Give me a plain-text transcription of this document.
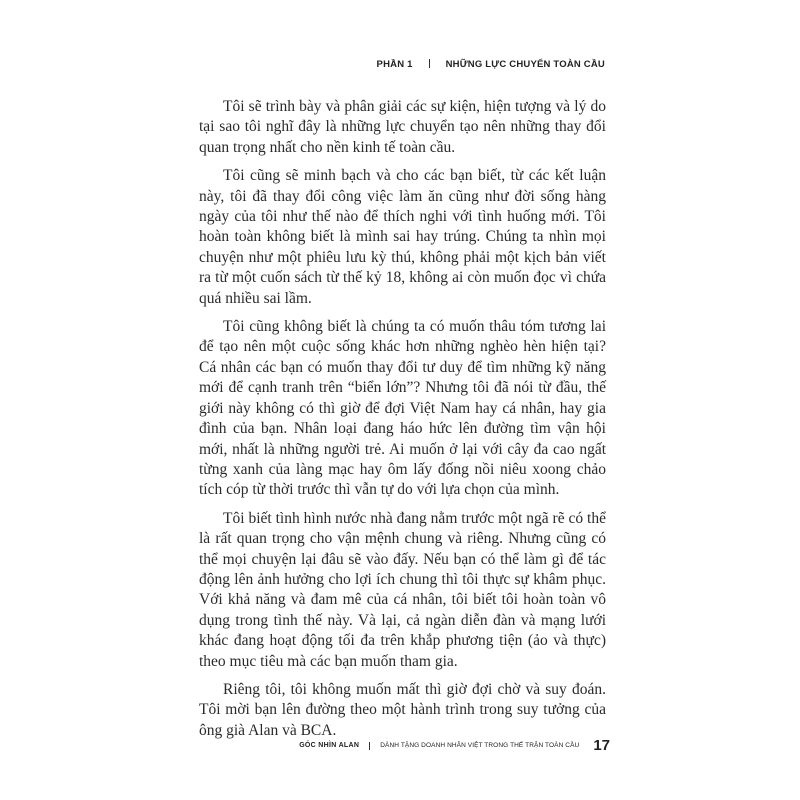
PHẦN 1	NHỮNG LỰC CHUYỂN TOÀN CẦU

Tôi sẽ trình bày và phân giải các sự kiện, hiện tượng và lý do tại sao tôi nghĩ đây là những lực chuyển tạo nên những thay đổi quan trọng nhất cho nền kinh tế toàn cầu.

Tôi cũng sẽ minh bạch và cho các bạn biết, từ các kết luận này, tôi đã thay đổi công việc làm ăn cũng như đời sống hàng ngày của tôi như thế nào để thích nghi với tình huống mới. Tôi hoàn toàn không biết là mình sai hay trúng. Chúng ta nhìn mọi chuyện như một phiêu lưu kỳ thú, không phải một kịch bản viết ra từ một cuốn sách từ thế kỷ 18, không ai còn muốn đọc vì chứa quá nhiều sai lầm.

Tôi cũng không biết là chúng ta có muốn thâu tóm tương lai để tạo nên một cuộc sống khác hơn những nghèo hèn hiện tại? Cá nhân các bạn có muốn thay đổi tư duy để tìm những kỹ năng mới để cạnh tranh trên “biển lớn”? Nhưng tôi đã nói từ đầu, thế giới này không có thì giờ để đợi Việt Nam hay cá nhân, hay gia đình của bạn. Nhân loại đang háo hức lên đường tìm vận hội mới, nhất là những người trẻ. Ai muốn ở lại với cây đa cao ngất từng xanh của làng mạc hay ôm lấy đống nồi niêu xoong chảo tích cóp từ thời trước thì vẫn tự do với lựa chọn của mình.

Tôi biết tình hình nước nhà đang nằm trước một ngã rẽ có thể là rất quan trọng cho vận mệnh chung và riêng. Nhưng cũng có thể mọi chuyện lại đâu sẽ vào đấy. Nếu bạn có thể làm gì để tác động lên ảnh hưởng cho lợi ích chung thì tôi thực sự khâm phục. Với khả năng và đam mê của cá nhân, tôi biết tôi hoàn toàn vô dụng trong tình thế này. Và lại, cả ngàn diễn đàn và mạng lưới khác đang hoạt động tối đa trên khắp phương tiện (ảo và thực) theo mục tiêu mà các bạn muốn tham gia.

Riêng tôi, tôi không muốn mất thì giờ đợi chờ và suy đoán. Tôi mời bạn lên đường theo một hành trình trong suy tưởng của ông già Alan và BCA.

GÓC NHÌN ALAN	DÀNH TẶNG DOANH NHÂN VIỆT TRONG THẾ TRẬN TOÀN CẦU 17
